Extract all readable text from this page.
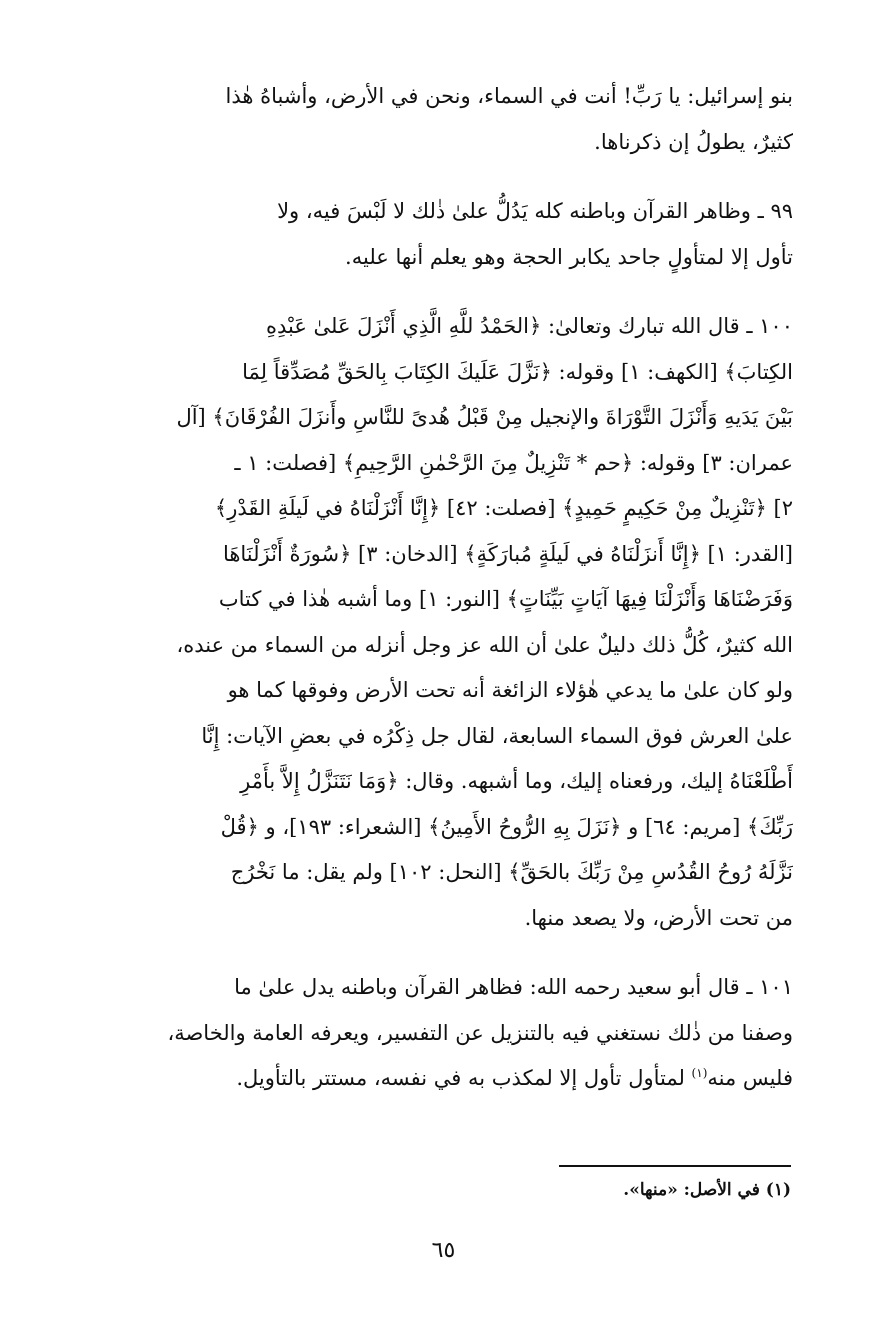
بنو إسرائيل: يا رَبِّ! أنت في السماء، ونحن في الأرض، وأشباهُ هٰذا
كثيرٌ، يطولُ إن ذكرناها.

٩٩ ـ وظاهر القرآن وباطنه كله يَدُلُّ علىٰ ذٰلك لا لَبْسَ فيه، ولا
تأول إلا لمتأولٍ جاحد يكابر الحجة وهو يعلم أنها عليه.

١٠٠ ـ قال الله تبارك وتعالىٰ: ﴿الحَمْدُ للَّهِ الَّذِي أَنْزَلَ عَلىٰ عَبْدِهِ
الكِتابَ﴾ [الكهف: ١] وقوله: ﴿نَزَّلَ عَلَيكَ الكِتَابَ بِالحَقِّ مُصَدِّقاً لِمَا
بَيْنَ يَدَيهِ وَأَنْزَلَ التَّوْرَاةَ والإنجيل مِنْ قَبْلُ هُدىً للنَّاسِ وأَنزَلَ الفُرْقَانَ﴾ [آل
عمران: ٣] وقوله: ﴿حم * تَنْزِيلٌ مِنَ الرَّحْمٰنِ الرَّحِيمِ﴾ [فصلت: ١ ـ
٢] ﴿تَنْزِيلٌ مِنْ حَكِيمٍ حَمِيدٍ﴾ [فصلت: ٤٢] ﴿إِنَّا أَنْزَلْنَاهُ في لَيلَةِ القَدْرِ﴾
[القدر: ١] ﴿إِنَّا أَنزَلْنَاهُ في لَيلَةٍ مُبارَكَةٍ﴾ [الدخان: ٣] ﴿سُورَةٌ أَنْزَلْنَاهَا
وَفَرَضْنَاهَا وَأَنْزَلْنَا فِيهَا آيَاتٍ بَيِّنَاتٍ﴾ [النور: ١] وما أشبه هٰذا في كتاب
الله كثيرٌ، كُلُّ ذلك دليلٌ علىٰ أن الله عز وجل أنزله من السماء من عنده،
ولو كان علىٰ ما يدعي هٰؤلاء الزائغة أنه تحت الأرض وفوقها كما هو
علىٰ العرش فوق السماء السابعة، لقال جل ذِكْرُه في بعضِ الآيات: إِنَّا
أَطْلَعْنَاهُ إليك، ورفعناه إليك، وما أشبهه. وقال: ﴿وَمَا نَتَنَزَّلُ إِلاَّ بأَمْرِ
رَبِّكَ﴾ [مريم: ٦٤] و ﴿نَزَلَ بِهِ الرُّوحُ الأَمِينُ﴾ [الشعراء: ١٩٣]، و ﴿قُلْ
نَزَّلَهُ رُوحُ القُدُسِ مِنْ رَبِّكَ بالحَقِّ﴾ [النحل: ١٠٢] ولم يقل: ما نَخْرُج
من تحت الأرض، ولا يصعد منها.

١٠١ ـ قال أبو سعيد رحمه الله: فظاهر القرآن وباطنه يدل علىٰ ما
وصفنا من ذٰلك نستغني فيه بالتنزيل عن التفسير، ويعرفه العامة والخاصة،
فليس منه$^{(١)}$ لمتأول تأول إلا لمكذب به في نفسه، مستتر بالتأويل.

(١) في الأصل: «منها».
٦٥
